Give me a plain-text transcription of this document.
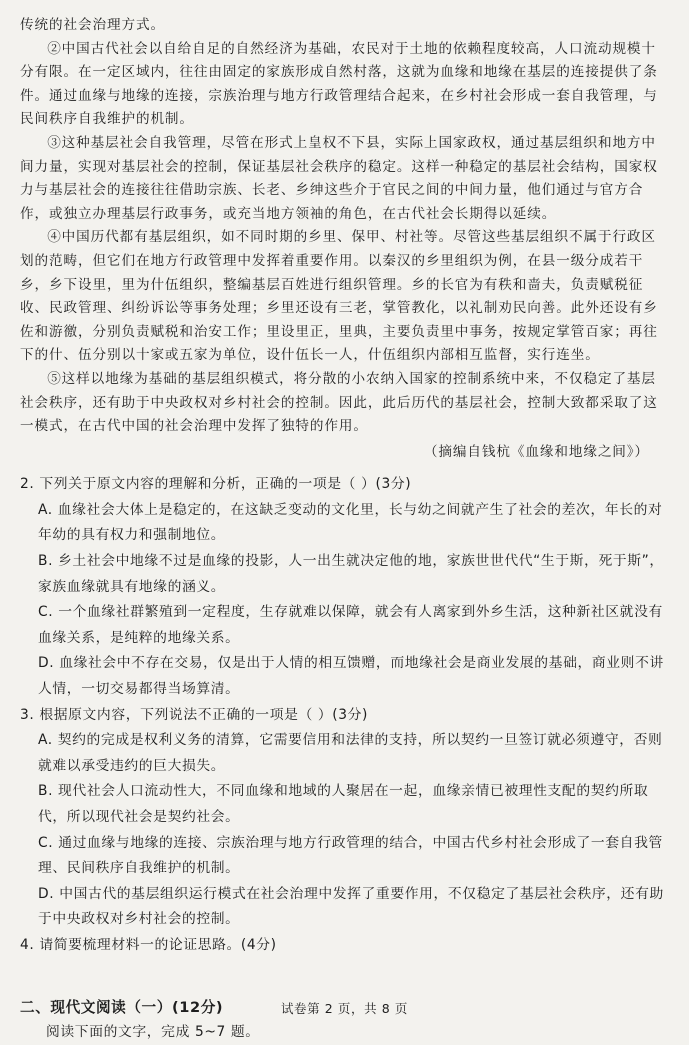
传统的社会治理方式。

②中国古代社会以自给自足的自然经济为基础，农民对于土地的依赖程度较高，人口流动规模十分有限。在一定区域内，往往由固定的家族形成自然村落，这就为血缘和地缘在基层的连接提供了条件。通过血缘与地缘的连接，宗族治理与地方行政管理结合起来，在乡村社会形成一套自我管理，与民间秩序自我维护的机制。

③这种基层社会自我管理，尽管在形式上皇权不下县，实际上国家政权，通过基层组织和地方中间力量，实现对基层社会的控制，保证基层社会秩序的稳定。这样一种稳定的基层社会结构，国家权力与基层社会的连接往往借助宗族、长老、乡绅这些介于官民之间的中间力量，他们通过与官方合作，或独立办理基层行政事务，或充当地方领袖的角色，在古代社会长期得以延续。

④中国历代都有基层组织，如不同时期的乡里、保甲、村社等。尽管这些基层组织不属于行政区划的范畴，但它们在地方行政管理中发挥着重要作用。以秦汉的乡里组织为例，在县一级分成若干乡，乡下设里，里为什伍组织，整编基层百姓进行组织管理。乡的长官为有秩和啬夫，负责赋税征收、民政管理、纠纷诉讼等事务处理；乡里还设有三老，掌管教化，以礼制劝民向善。此外还设有乡佐和游徼，分别负责赋税和治安工作；里设里正，里典，主要负责里中事务，按规定掌管百家；再往下的什、伍分别以十家或五家为单位，设什伍长一人，什伍组织内部相互监督，实行连坐。

⑤这样以地缘为基础的基层组织模式，将分散的小农纳入国家的控制系统中来，不仅稳定了基层社会秩序，还有助于中央政权对乡村社会的控制。因此，此后历代的基层社会，控制大致都采取了这一模式，在古代中国的社会治理中发挥了独特的作用。

（摘编自钱杭《血缘和地缘之间》）

2. 下列关于原文内容的理解和分析，正确的一项是（ ）(3分)

A. 血缘社会大体上是稳定的，在这缺乏变动的文化里，长与幼之间就产生了社会的差次，年长的对年幼的具有权力和强制地位。

B. 乡土社会中地缘不过是血缘的投影，人一出生就决定他的地，家族世世代代“生于斯，死于斯”，家族血缘就具有地缘的涵义。

C. 一个血缘社群繁殖到一定程度，生存就难以保障，就会有人离家到外乡生活，这种新社区就没有血缘关系，是纯粹的地缘关系。

D. 血缘社会中不存在交易，仅是出于人情的相互馈赠，而地缘社会是商业发展的基础，商业则不讲人情，一切交易都得当场算清。

3. 根据原文内容，下列说法不正确的一项是（ ）(3分)

A. 契约的完成是权利义务的清算，它需要信用和法律的支持，所以契约一旦签订就必须遵守，否则就难以承受违约的巨大损失。

B. 现代社会人口流动性大，不同血缘和地域的人聚居在一起，血缘亲情已被理性支配的契约所取代，所以现代社会是契约社会。

C. 通过血缘与地缘的连接、宗族治理与地方行政管理的结合，中国古代乡村社会形成了一套自我管理、民间秩序自我维护的机制。

D. 中国古代的基层组织运行模式在社会治理中发挥了重要作用，不仅稳定了基层社会秩序，还有助于中央政权对乡村社会的控制。

4. 请简要梳理材料一的论证思路。(4分)

二、现代文阅读（一）(12分)

阅读下面的文字，完成 5~7 题。

试卷第 2 页，共 8 页
